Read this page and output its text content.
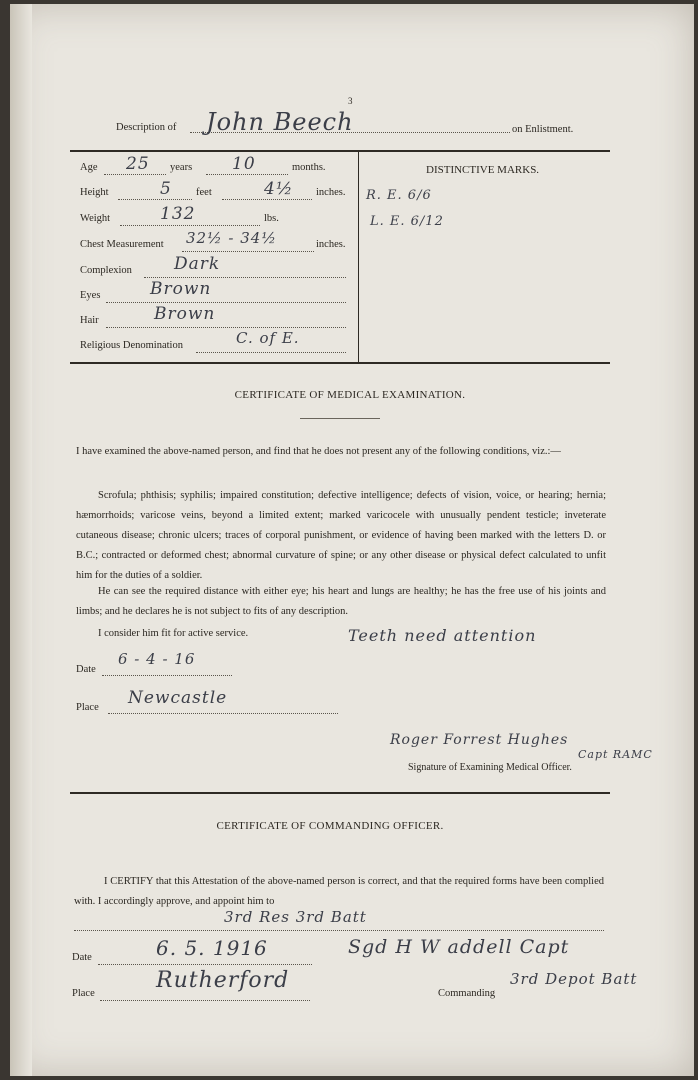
3
Description of John Beech	on Enlistment.
Age 25 years 10	months.
Height	5 feet	4½ inches.
Weight	132	lbs.
Chest Measurement 32½ - 34½	inches.
Complexion Dark
Eyes	Brown
Hair	Brown
Religious Denomination	C. of E.
DISTINCTIVE MARKS.
R. E. 6/6
L. E. 6/12
CERTIFICATE OF MEDICAL EXAMINATION.
I have examined the above-named person, and find that he does not present any of the following conditions, viz.:—
Scrofula; phthisis; syphilis; impaired constitution; defective intelligence; defects of vision, voice, or hearing; hernia; hæmorrhoids; varicose veins, beyond a limited extent; marked varicocele with unusually pendent testicle; inveterate cutaneous disease; chronic ulcers; traces of corporal punishment, or evidence of having been marked with the letters D. or B.C.; contracted or deformed chest; abnormal curvature of spine; or any other disease or physical defect calculated to unfit him for the duties of a soldier.
He can see the required distance with either eye; his heart and lungs are healthy; he has the free use of his joints and limbs; and he declares he is not subject to fits of any description.
I consider him fit for active service.	Teeth need attention
Date
6 - 4 - 16
Place Newcastle
Roger Forrest Hughes
Capt RAMC
Signature of Examining Medical Officer.
CERTIFICATE OF COMMANDING OFFICER.
I CERTIFY that this Attestation of the above-named person is correct, and that the required forms have been complied with. I accordingly approve, and appoint him to
3rd Res 3rd Batt
Date	6. 5. 1916	Sgd H W addell Capt
Place
Rutherford
Commanding
3rd Depot Batt
